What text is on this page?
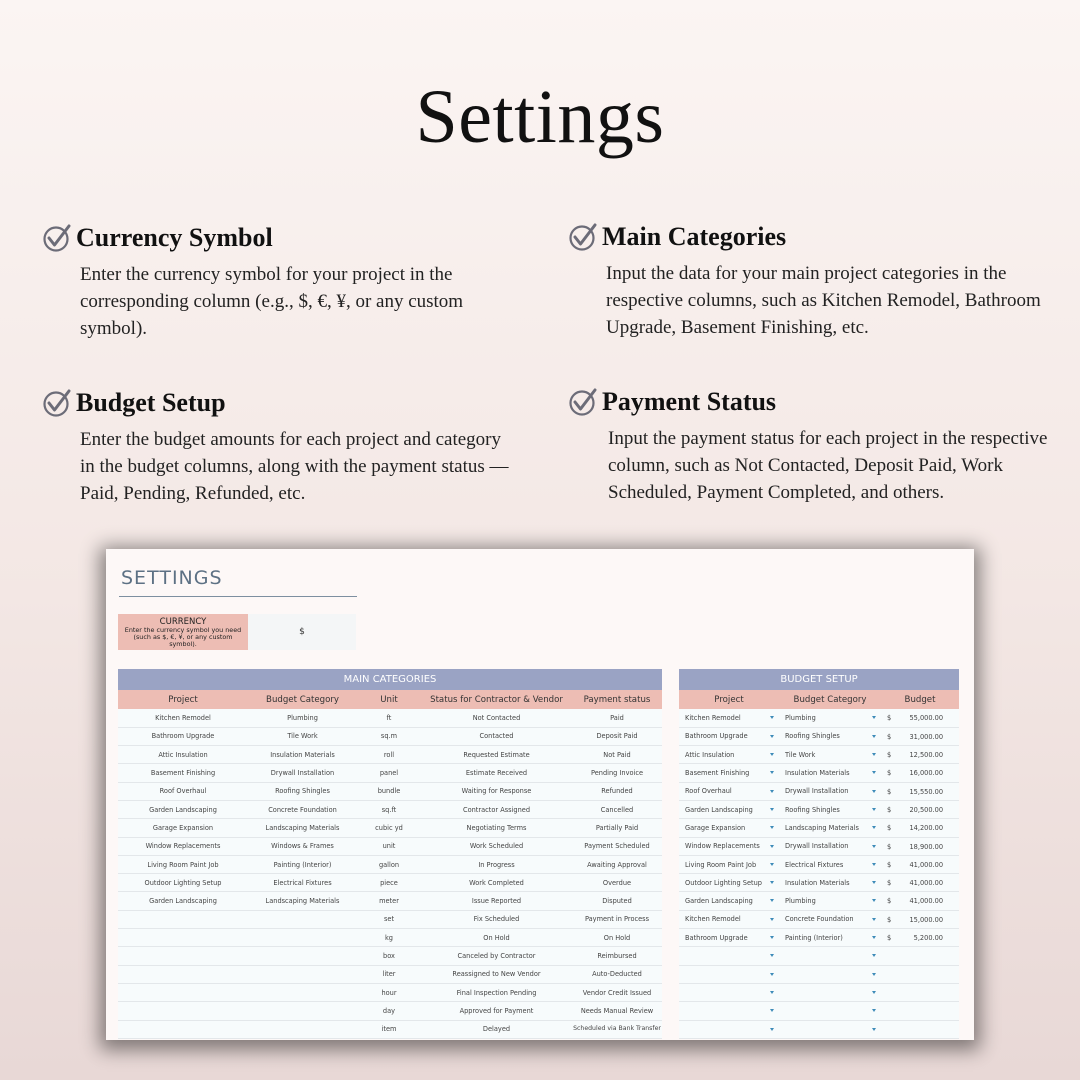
Settings
Currency Symbol
Enter the currency symbol for your project in the corresponding column (e.g., $, €, ¥, or any custom symbol).
Main Categories
Input the data for your main project categories in the respective columns, such as Kitchen Remodel, Bathroom Upgrade, Basement Finishing, etc.
Budget Setup
Enter the budget amounts for each project and category in the budget columns, along with the payment status — Paid, Pending, Refunded, etc.
Payment Status
Input the payment status for each project in the respective column, such as Not Contacted, Deposit Paid, Work Scheduled, Payment Completed, and others.
SETTINGS
CURRENCY
Enter the currency symbol you need (such as $, €, ¥, or any custom symbol).
$
MAIN CATEGORIES				
Project	Budget Category	Unit	Status for Contractor & Vendor	Payment status
Kitchen Remodel	Plumbing	ft	Not Contacted	Paid
Bathroom Upgrade	Tile Work	sq.m	Contacted	Deposit Paid
Attic Insulation	Insulation Materials	roll	Requested Estimate	Not Paid
Basement Finishing	Drywall Installation	panel	Estimate Received	Pending Invoice
Roof Overhaul	Roofing Shingles	bundle	Waiting for Response	Refunded
Garden Landscaping	Concrete Foundation	sq.ft	Contractor Assigned	Cancelled
Garage Expansion	Landscaping Materials	cubic yd	Negotiating Terms	Partially Paid
Window Replacements	Windows & Frames	unit	Work Scheduled	Payment Scheduled
Living Room Paint Job	Painting (Interior)	gallon	In Progress	Awaiting Approval
Outdoor Lighting Setup	Electrical Fixtures	piece	Work Completed	Overdue
Garden Landscaping	Landscaping Materials	meter	Issue Reported	Disputed
		set	Fix Scheduled	Payment in Process
		kg	On Hold	On Hold
		box	Canceled by Contractor	Reimbursed
		liter	Reassigned to New Vendor	Auto-Deducted
		hour	Final Inspection Pending	Vendor Credit Issued
		day	Approved for Payment	Needs Manual Review
		item	Delayed	Scheduled via Bank Transfer
BUDGET SETUP		
Project	Budget Category	Budget
Kitchen Remodel	Plumbing	$ 55,000.00

Bathroom Upgrade	Roofing Shingles	$ 31,000.00

Attic Insulation	Tile Work	$ 12,500.00

Basement Finishing	Insulation Materials	$ 16,000.00

Roof Overhaul	Drywall Installation	$ 15,550.00

Garden Landscaping	Roofing Shingles	$ 20,500.00

Garage Expansion	Landscaping Materials	$ 14,200.00

Window Replacements	Drywall Installation	$ 18,900.00

Living Room Paint Job	Electrical Fixtures	$ 41,000.00

Outdoor Lighting Setup	Insulation Materials	$ 41,000.00

Garden Landscaping	Plumbing	$ 41,000.00

Kitchen Remodel	Concrete Foundation	$ 15,000.00

Bathroom Upgrade	Painting (Interior)	$ 5,200.00
